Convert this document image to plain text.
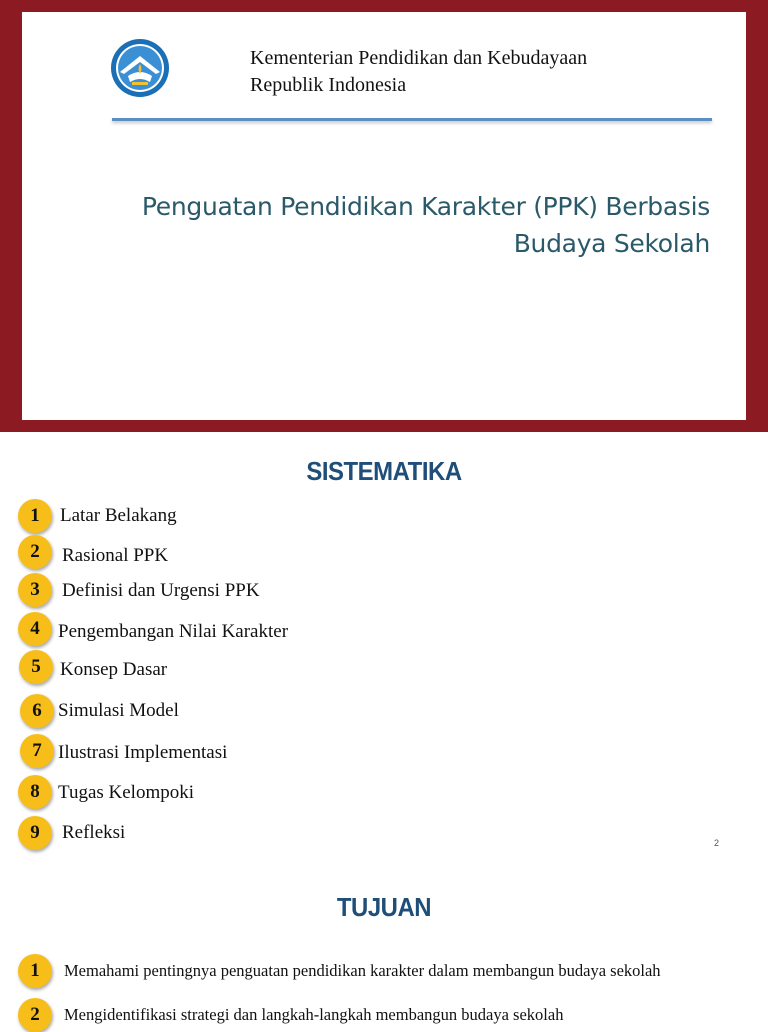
Kementerian Pendidikan dan Kebudayaan
Republik Indonesia
Penguatan Pendidikan Karakter (PPK) Berbasis
Budaya Sekolah
SISTEMATIKA
1	Latar Belakang
2	Rasional PPK
3	Definisi dan Urgensi PPK
4 Pengembangan Nilai Karakter
5	Konsep Dasar
6 Simulasi Model
7 Ilustrasi Implementasi
8 Tugas Kelompoki
9	Refleksi	2
TUJUAN
1	Memahami pentingnya penguatan pendidikan karakter dalam membangun budaya sekolah
2	Mengidentifikasi strategi dan langkah-langkah membangun budaya sekolah
